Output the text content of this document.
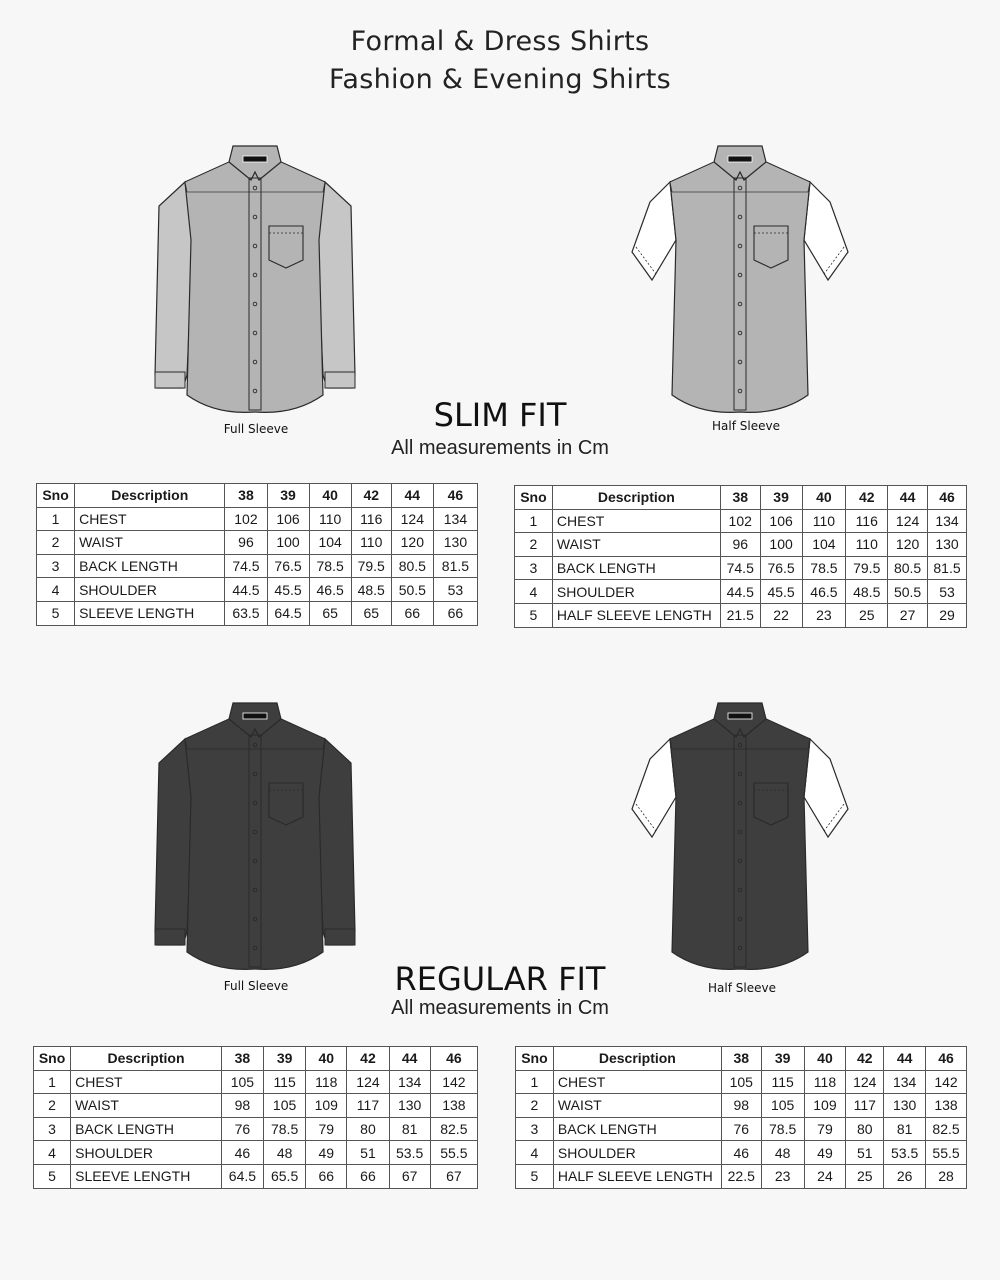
Formal & Dress Shirts
Fashion & Evening Shirts
Full Sleeve	Half Sleeve
SLIM FIT
All measurements in Cm
Sno	Description	38	39	40	42	44	46
1	CHEST	102	106	110	116	124	134
2	WAIST	96	100	104	110	120	130
3	BACK LENGTH	74.5	76.5	78.5	79.5	80.5	81.5
4	SHOULDER	44.5	45.5	46.5	48.5	50.5	53
5	SLEEVE LENGTH	63.5	64.5	65	65	66	66
Sno	Description	38	39	40	42	44	46
1	CHEST	102	106	110	116	124	134
2	WAIST	96	100	104	110	120	130
3	BACK LENGTH	74.5	76.5	78.5	79.5	80.5	81.5
4	SHOULDER	44.5	45.5	46.5	48.5	50.5	53
5	HALF SLEEVE LENGTH	21.5	22	23	25	27	29
Full Sleeve	Half Sleeve
REGULAR FIT
All measurements in Cm
Sno	Description	38	39	40	42	44	46
1	CHEST	105	115	118	124	134	142
2	WAIST	98	105	109	117	130	138
3	BACK LENGTH	76	78.5	79	80	81	82.5
4	SHOULDER	46	48	49	51	53.5	55.5
5	SLEEVE LENGTH	64.5	65.5	66	66	67	67
Sno	Description	38	39	40	42	44	46
1	CHEST	105	115	118	124	134	142
2	WAIST	98	105	109	117	130	138
3	BACK LENGTH	76	78.5	79	80	81	82.5
4	SHOULDER	46	48	49	51	53.5	55.5
5	HALF SLEEVE LENGTH	22.5	23	24	25	26	28
